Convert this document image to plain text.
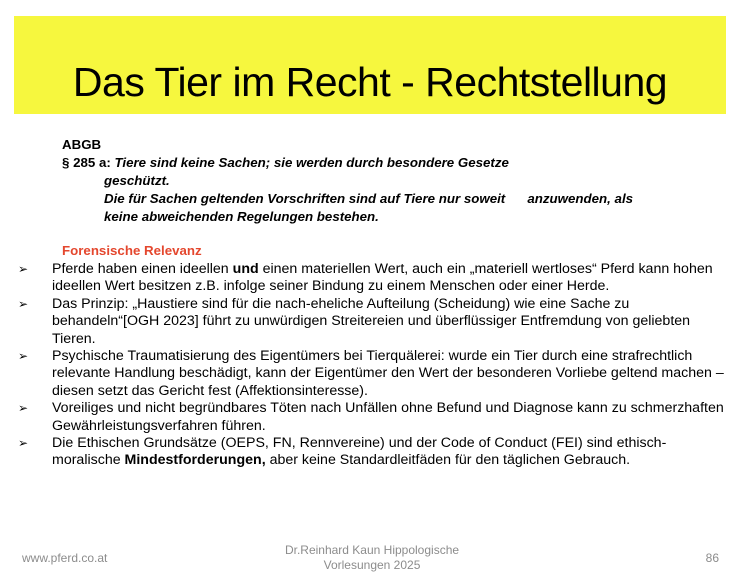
Das Tier im Recht - Rechtstellung
ABGB
§ 285 a: Tiere sind keine Sachen; sie werden durch besondere Gesetze
geschützt.
Die für Sachen geltenden Vorschriften sind auf Tiere nur soweit      anzuwenden, als
keine abweichenden Regelungen bestehen.
Forensische Relevanz
➢ Pferde haben einen ideellen und einen materiellen Wert, auch ein „materiell wertloses“ Pferd kann hohen ideellen Wert besitzen z.B. infolge seiner Bindung zu einem Menschen oder einer Herde.
➢ Das Prinzip: „Haustiere sind für die nach-eheliche Aufteilung (Scheidung) wie eine Sache zu behandeln“[OGH 2023] führt zu unwürdigen Streitereien und überflüssiger Entfremdung von geliebten Tieren.
➢ Psychische Traumatisierung des Eigentümers bei Tierquälerei: wurde ein Tier durch eine strafrechtlich relevante Handlung beschädigt, kann der Eigentümer den Wert der besonderen Vorliebe geltend machen – diesen setzt das Gericht fest (Affektionsinteresse).
➢ Voreiliges und nicht begründbares Töten nach Unfällen ohne Befund und Diagnose kann zu schmerzhaften Gewährleistungsverfahren führen.
➢ Die Ethischen Grundsätze (OEPS, FN, Rennvereine) und der Code of Conduct (FEI) sind ethisch-moralische Mindestforderungen, aber keine Standardleitfäden für den täglichen Gebrauch.
www.pferd.co.at
Dr.Reinhard Kaun Hippologische
Vorlesungen 2025	86
